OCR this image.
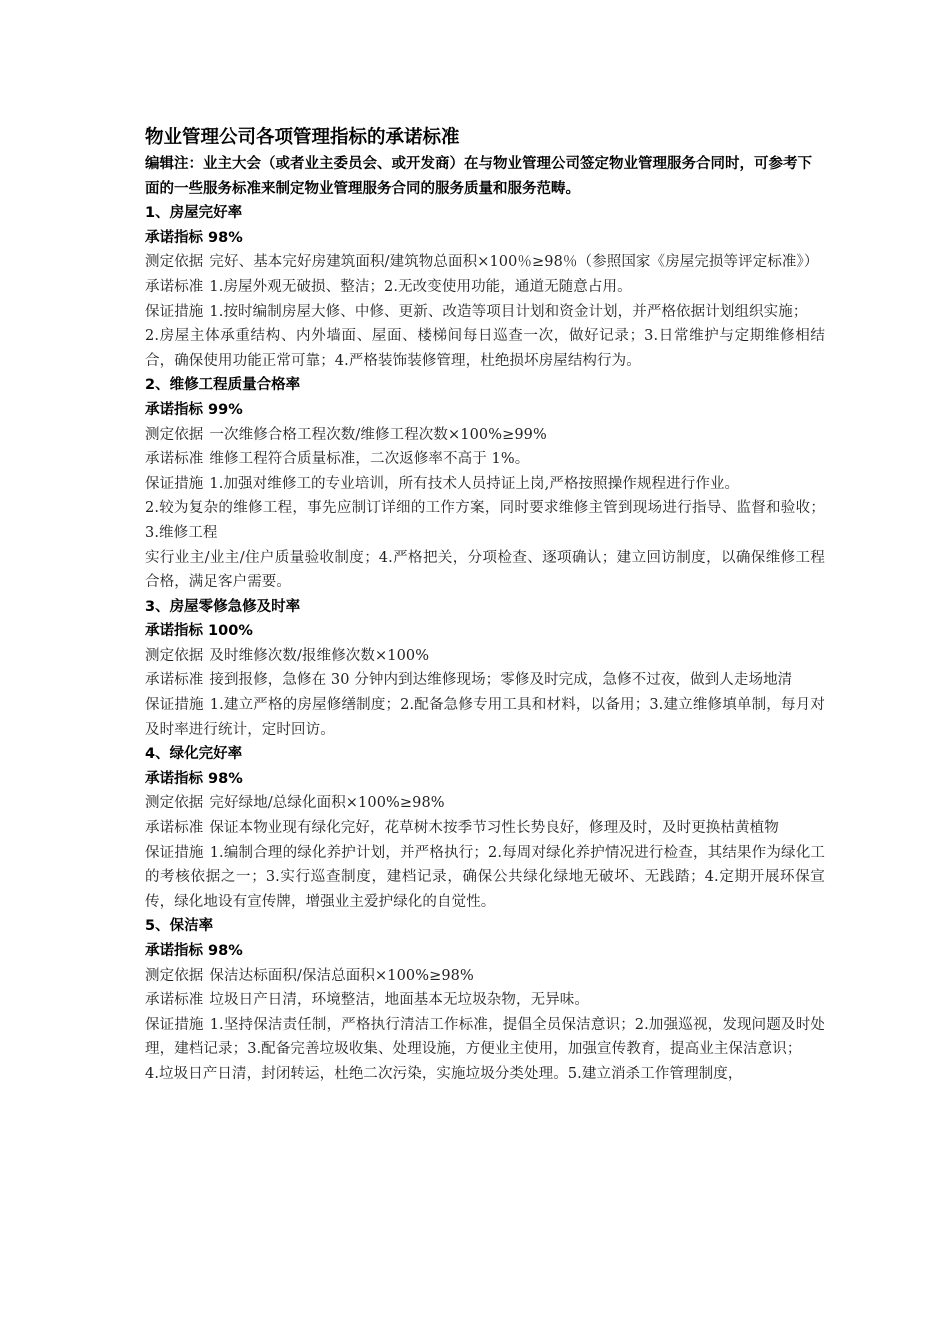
物业管理公司各项管理指标的承诺标准

编辑注：业主大会（或者业主委员会、或开发商）在与物业管理公司签定物业管理服务合同时，可参考下面的一些服务标准来制定物业管理服务合同的服务质量和服务范畴。

1、房屋完好率

承诺指标 98%

测定依据 完好、基本完好房建筑面积/建筑物总面积×100％≥98％（参照国家《房屋完损等评定标准》）

承诺标准 1.房屋外观无破损、整洁；2.无改变使用功能，通道无随意占用。

保证措施 1.按时编制房屋大修、中修、更新、改造等项目计划和资金计划，并严格依据计划组织实施；

2.房屋主体承重结构、内外墙面、屋面、楼梯间每日巡查一次，做好记录；3.日常维护与定期维修相结合，确保使用功能正常可靠；4.严格装饰装修管理，杜绝损坏房屋结构行为。

2、维修工程质量合格率

承诺指标 99%

测定依据 一次维修合格工程次数/维修工程次数×100%≥99%

承诺标准 维修工程符合质量标准，二次返修率不高于 1%。

保证措施 1.加强对维修工的专业培训，所有技术人员持证上岗,严格按照操作规程进行作业。

2.较为复杂的维修工程，事先应制订详细的工作方案，同时要求维修主管到现场进行指导、监督和验收；3.维修工程

实行业主/业主/住户质量验收制度；4.严格把关，分项检查、逐项确认；建立回访制度，以确保维修工程合格，满足客户需要。

3、房屋零修急修及时率

承诺指标 100%

测定依据 及时维修次数/报维修次数×100%

承诺标准 接到报修，急修在 30 分钟内到达维修现场；零修及时完成，急修不过夜，做到人走场地清

保证措施 1.建立严格的房屋修缮制度；2.配备急修专用工具和材料，以备用；3.建立维修填单制，每月对及时率进行统计，定时回访。

4、绿化完好率

承诺指标 98%

测定依据 完好绿地/总绿化面积×100%≥98%

承诺标准 保证本物业现有绿化完好，花草树木按季节习性长势良好，修理及时，及时更换枯黄植物

保证措施 1.编制合理的绿化养护计划，并严格执行；2.每周对绿化养护情况进行检查，其结果作为绿化工的考核依据之一；3.实行巡查制度，建档记录，确保公共绿化绿地无破坏、无践踏；4.定期开展环保宣传，绿化地设有宣传牌，增强业主爱护绿化的自觉性。

5、保洁率

承诺指标 98%

测定依据 保洁达标面积/保洁总面积×100%≥98%

承诺标准 垃圾日产日清，环境整洁，地面基本无垃圾杂物，无异味。

保证措施 1.坚持保洁责任制，严格执行清洁工作标准，提倡全员保洁意识；2.加强巡视，发现问题及时处理，建档记录；3.配备完善垃圾收集、处理设施，方便业主使用，加强宣传教育，提高业主保洁意识；

4.垃圾日产日清，封闭转运，杜绝二次污染，实施垃圾分类处理。5.建立消杀工作管理制度，
